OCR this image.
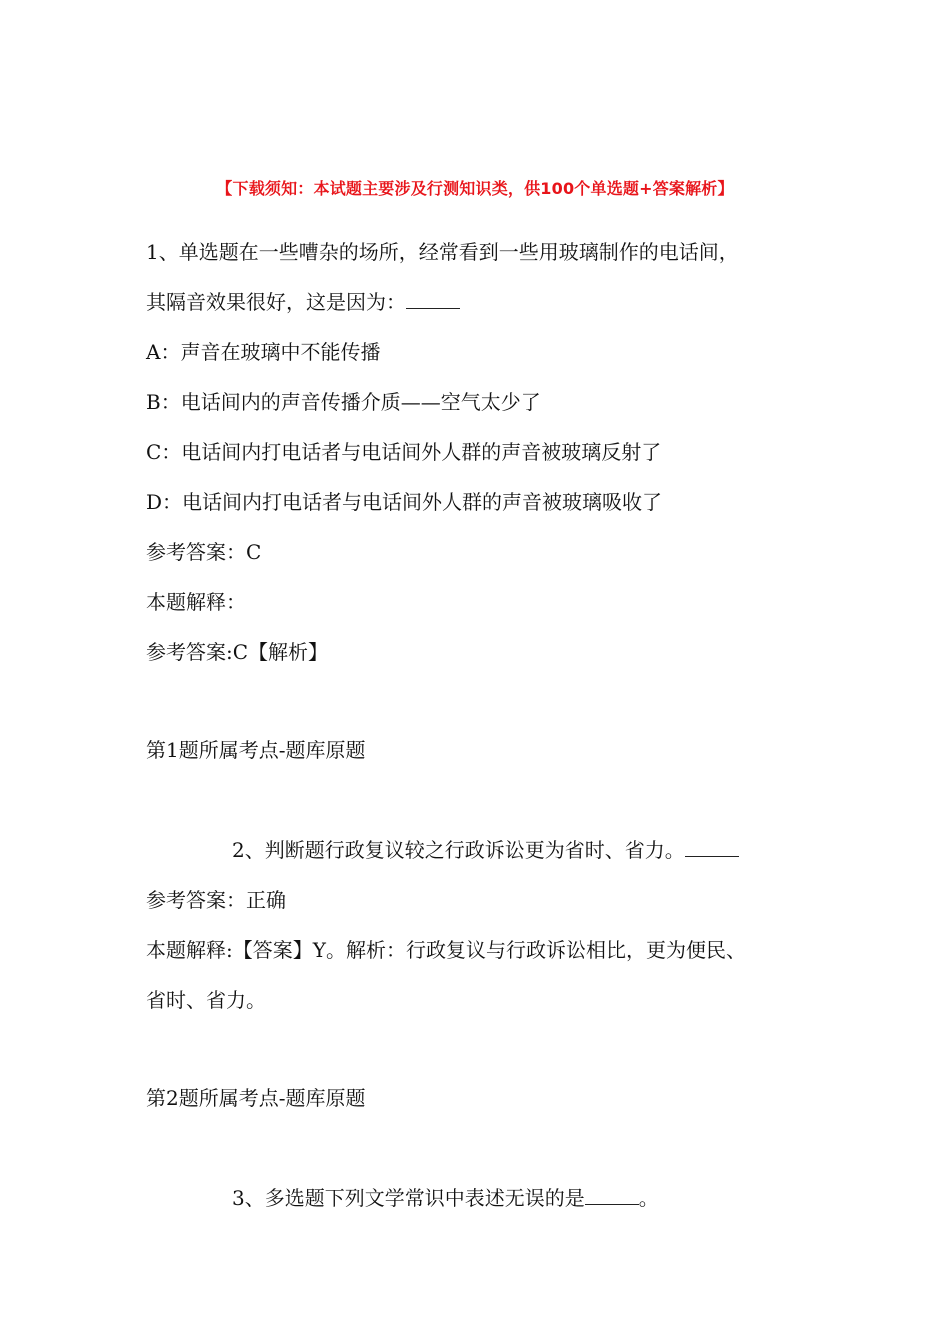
【下载须知：本试题主要涉及行测知识类，供100个单选题+答案解析】
1、单选题在一些嘈杂的场所，经常看到一些用玻璃制作的电话间，
其隔音效果很好，这是因为：
A：声音在玻璃中不能传播
B：电话间内的声音传播介质——空气太少了
C：电话间内打电话者与电话间外人群的声音被玻璃反射了
D：电话间内打电话者与电话间外人群的声音被玻璃吸收了
参考答案：C
本题解释：
参考答案:C【解析】
第1题所属考点-题库原题
2、判断题行政复议较之行政诉讼更为省时、省力。
参考答案：正确
本题解释:【答案】Y。解析：行政复议与行政诉讼相比，更为便民、
省时、省力。
第2题所属考点-题库原题
3、多选题下列文学常识中表述无误的是	。
